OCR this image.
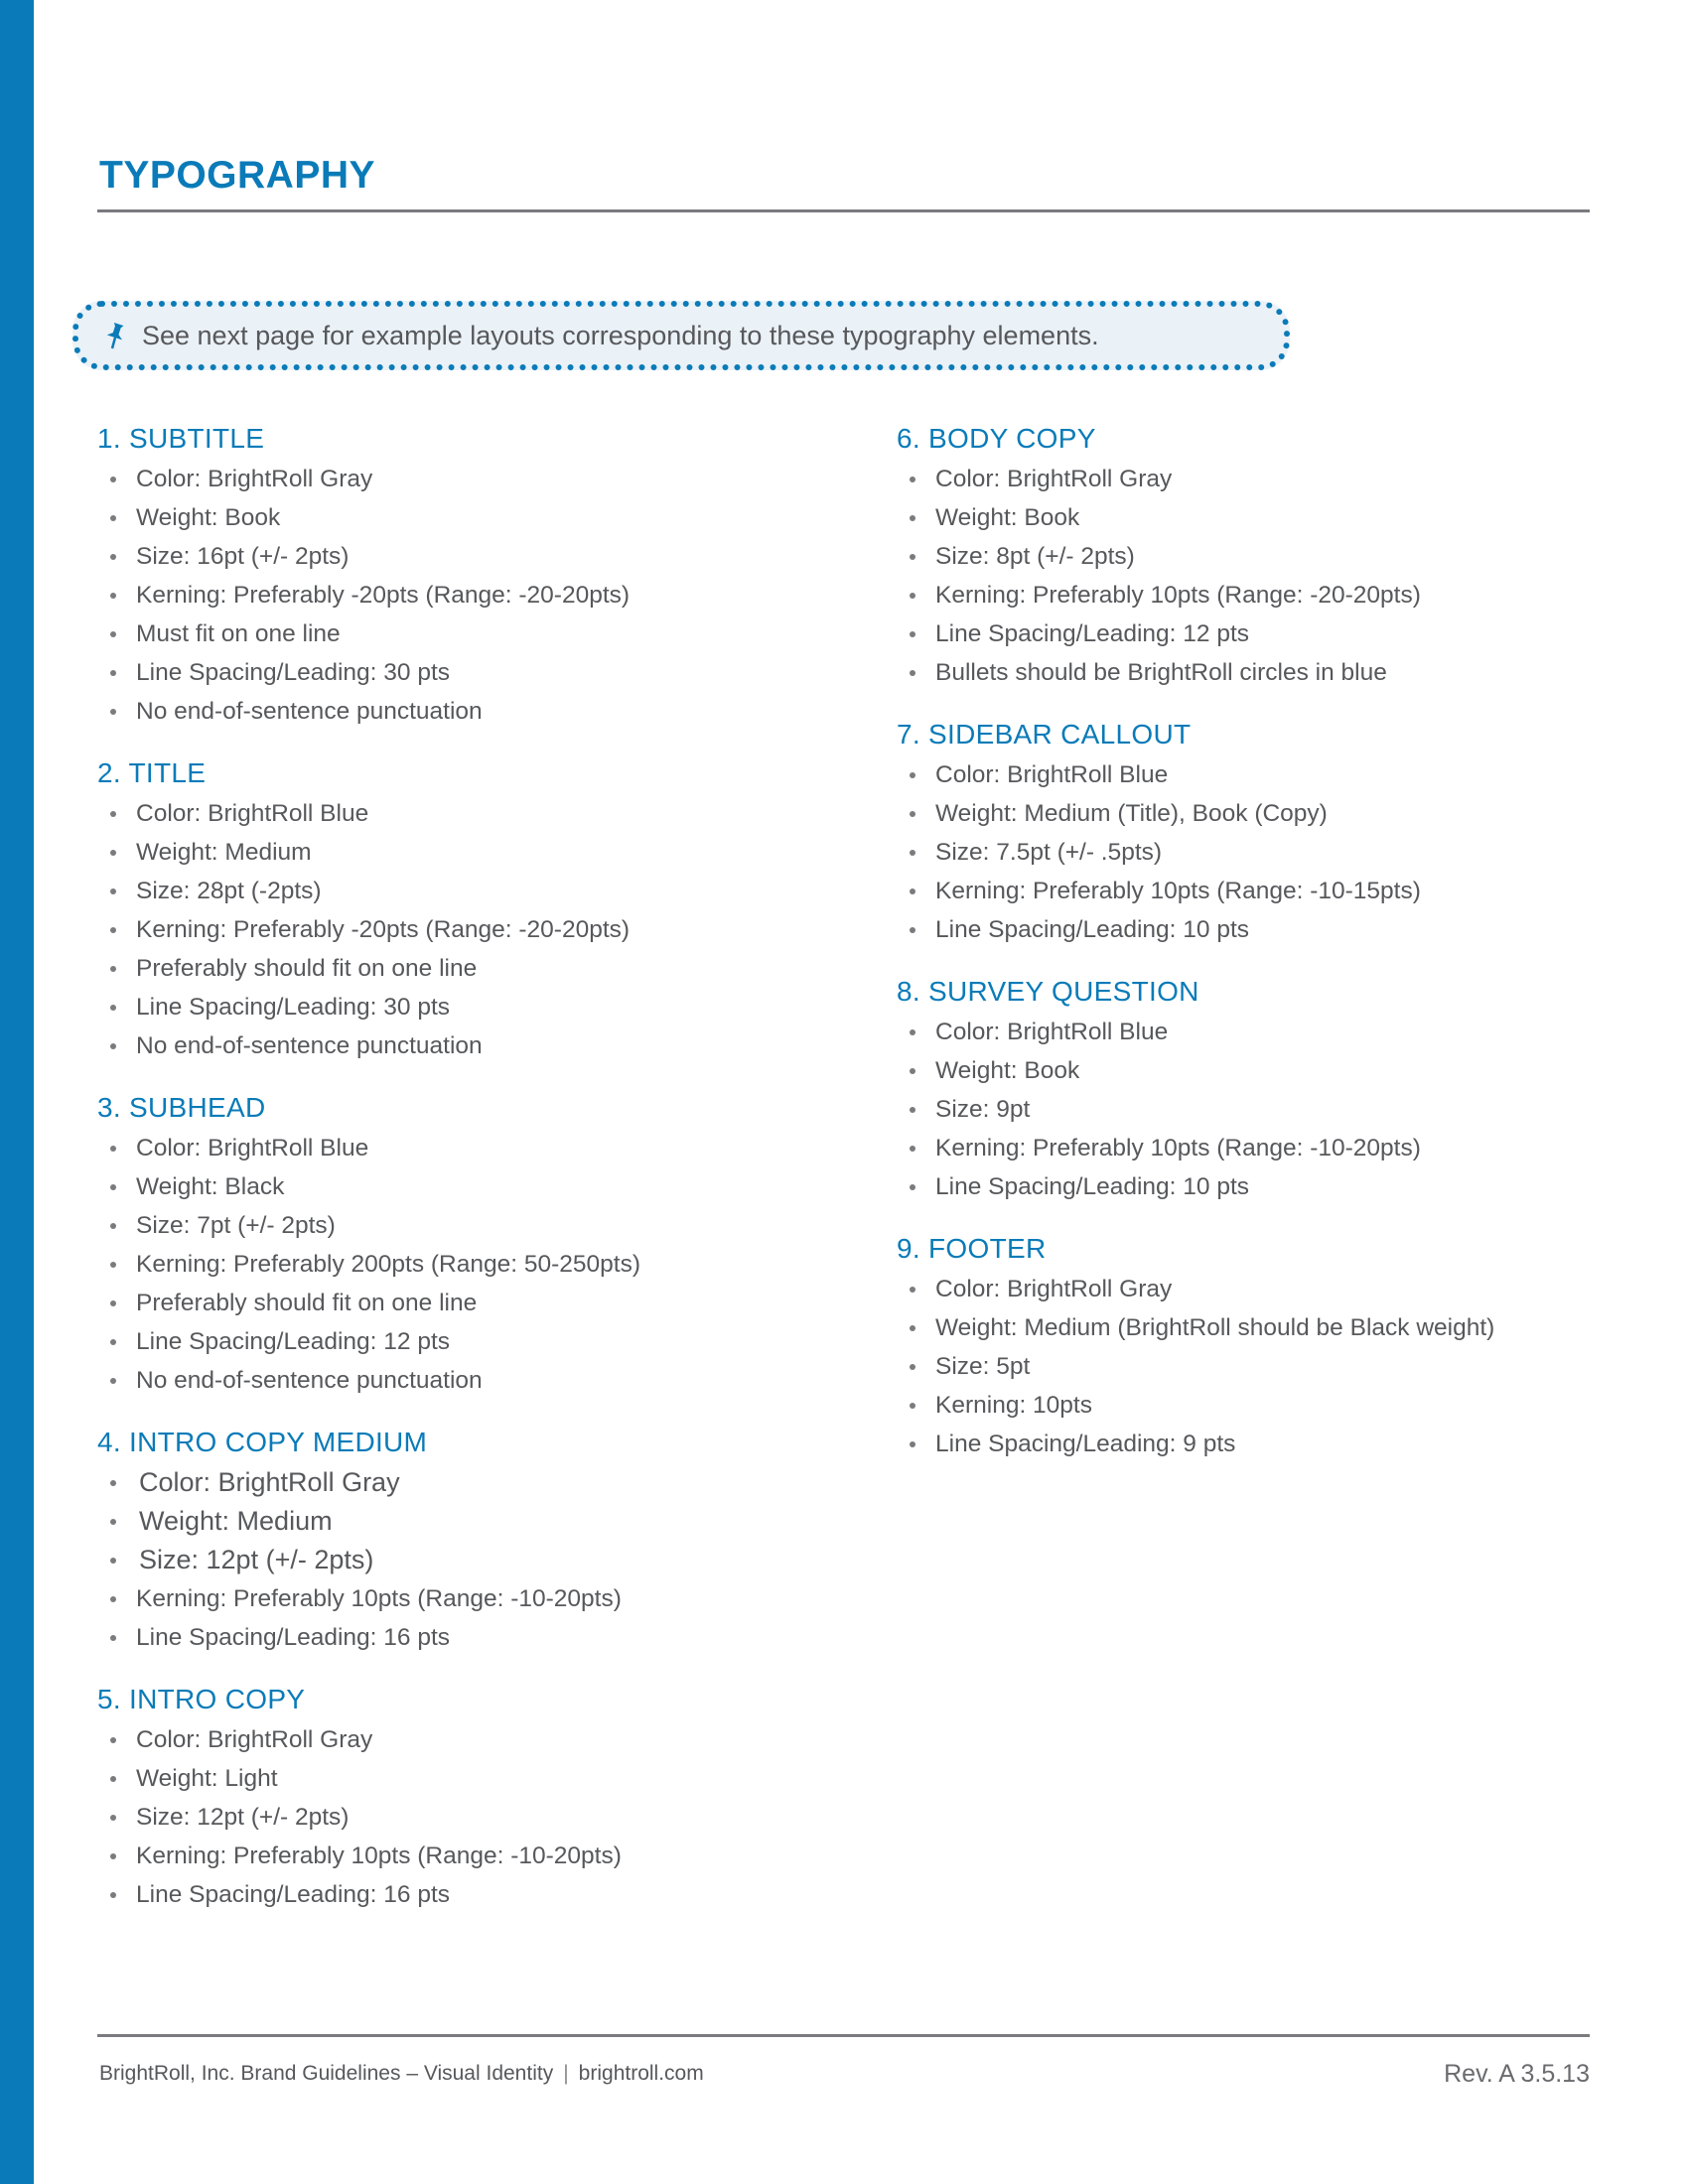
TYPOGRAPHY
See next page for example layouts corresponding to these typography elements.
1. SUBTITLE
Color: BrightRoll Gray
Weight: Book
Size: 16pt (+/- 2pts)
Kerning: Preferably -20pts (Range: -20-20pts)
Must fit on one line
Line Spacing/Leading: 30 pts
No end-of-sentence punctuation
2. TITLE
Color: BrightRoll Blue
Weight: Medium
Size: 28pt (-2pts)
Kerning: Preferably -20pts (Range: -20-20pts)
Preferably should fit on one line
Line Spacing/Leading: 30 pts
No end-of-sentence punctuation
3. SUBHEAD
Color: BrightRoll Blue
Weight: Black
Size: 7pt (+/- 2pts)
Kerning: Preferably 200pts (Range: 50-250pts)
Preferably should fit on one line
Line Spacing/Leading: 12 pts
No end-of-sentence punctuation
4. INTRO COPY MEDIUM
Color: BrightRoll Gray
Weight: Medium
Size: 12pt (+/- 2pts)
Kerning: Preferably 10pts (Range: -10-20pts)
Line Spacing/Leading: 16 pts
5. INTRO COPY
Color: BrightRoll Gray
Weight: Light
Size: 12pt (+/- 2pts)
Kerning: Preferably 10pts (Range: -10-20pts)
Line Spacing/Leading: 16 pts
6. BODY COPY
Color: BrightRoll Gray
Weight: Book
Size: 8pt (+/- 2pts)
Kerning: Preferably 10pts (Range: -20-20pts)
Line Spacing/Leading: 12 pts
Bullets should be BrightRoll circles in blue
7. SIDEBAR CALLOUT
Color: BrightRoll Blue
Weight: Medium (Title), Book (Copy)
Size: 7.5pt (+/- .5pts)
Kerning: Preferably 10pts (Range: -10-15pts)
Line Spacing/Leading: 10 pts
8. SURVEY QUESTION
Color: BrightRoll Blue
Weight: Book
Size: 9pt
Kerning: Preferably 10pts (Range: -10-20pts)
Line Spacing/Leading: 10 pts
9. FOOTER
Color: BrightRoll Gray
Weight: Medium (BrightRoll should be Black weight)
Size: 5pt
Kerning: 10pts
Line Spacing/Leading: 9 pts
BrightRoll, Inc. Brand Guidelines – Visual Identity | brightroll.com	Rev. A 3.5.13
